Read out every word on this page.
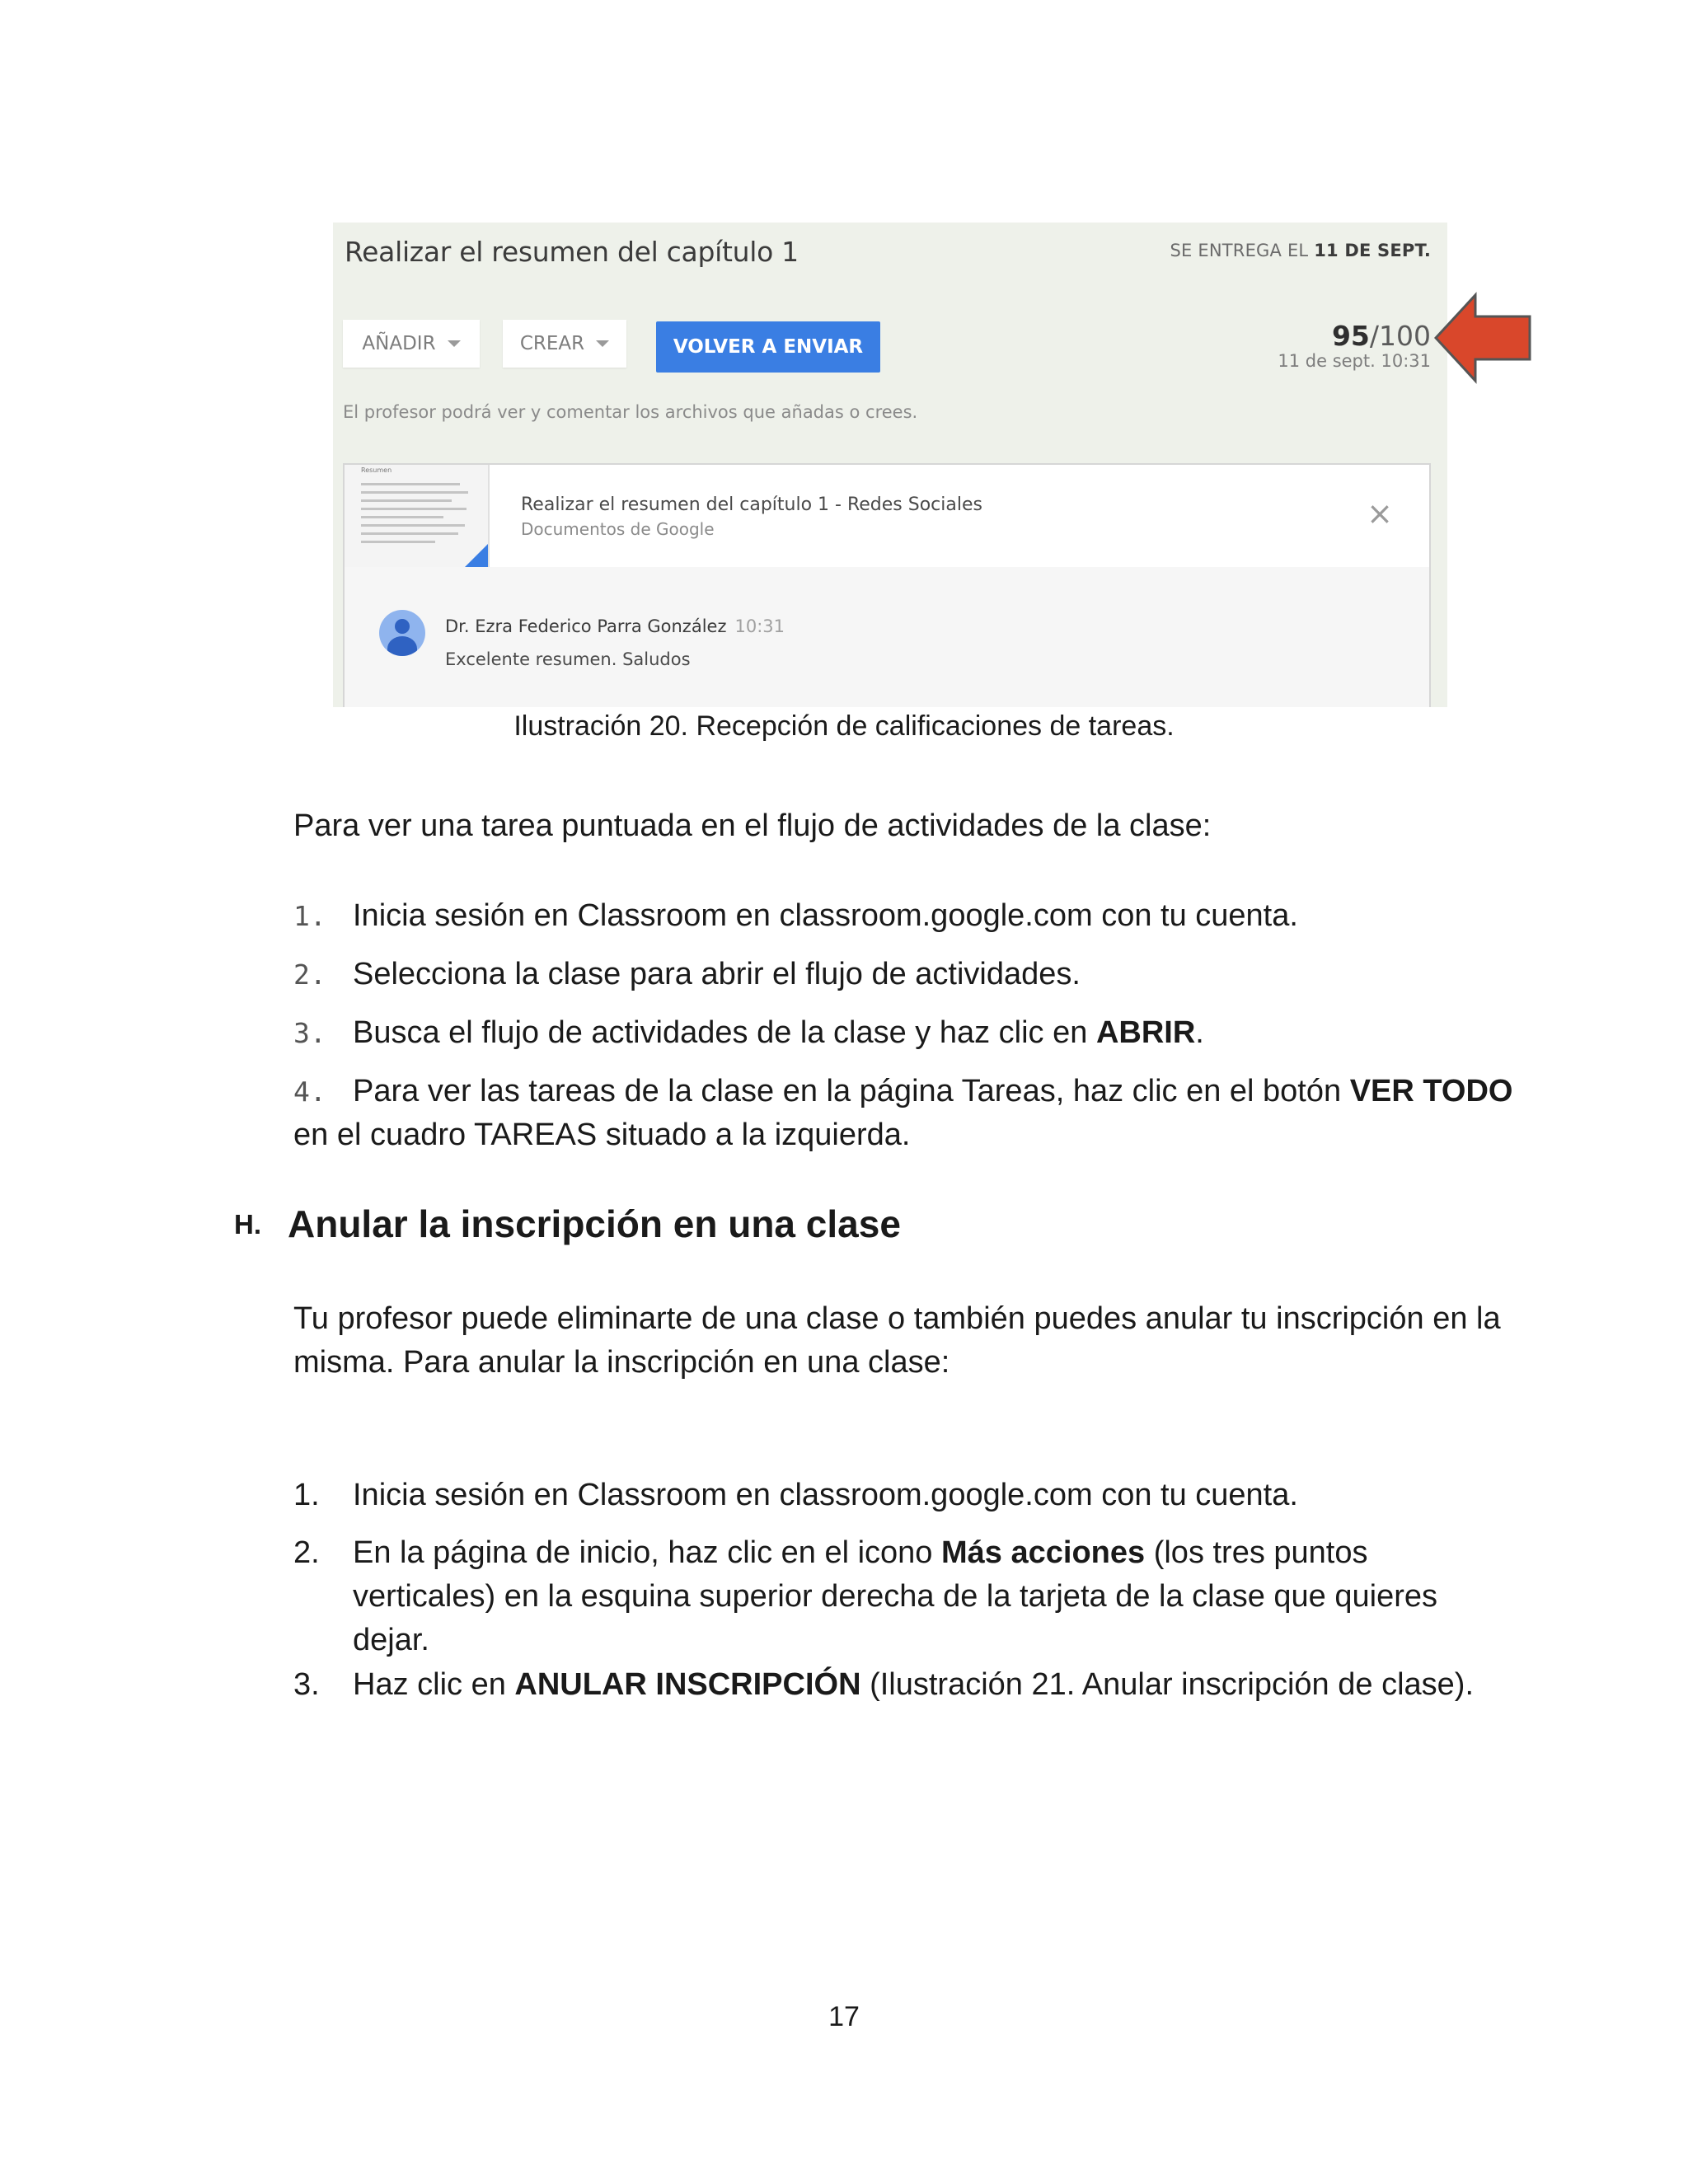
Realizar el resumen del capítulo 1	SE ENTREGA EL 11 DE SEPT.
AÑADIR	CREAR	VOLVER A ENVIAR	95/100
11 de sept. 10:31
El profesor podrá ver y comentar los archivos que añadas o crees.
Resumen
Realizar el resumen del capítulo 1 - Redes Sociales
Documentos de Google	×
Dr. Ezra Federico Parra González 10:31
Excelente resumen. Saludos
Ilustración 20. Recepción de calificaciones de tareas.
Para ver una tarea puntuada en el flujo de actividades de la clase:
1. Inicia sesión en Classroom en classroom.google.com con tu cuenta.
2. Selecciona la clase para abrir el flujo de actividades.
3. Busca el flujo de actividades de la clase y haz clic en ABRIR.
4. Para ver las tareas de la clase en la página Tareas, haz clic en el botón VER TODO en el cuadro TAREAS situado a la izquierda.
H. Anular la inscripción en una clase
Tu profesor puede eliminarte de una clase o también puedes anular tu inscripción en la misma. Para anular la inscripción en una clase:
1. Inicia sesión en Classroom en classroom.google.com con tu cuenta.
2. En la página de inicio, haz clic en el icono Más acciones (los tres puntos verticales) en la esquina superior derecha de la tarjeta de la clase que quieres dejar.
3. Haz clic en ANULAR INSCRIPCIÓN (Ilustración 21. Anular inscripción de clase).
17
